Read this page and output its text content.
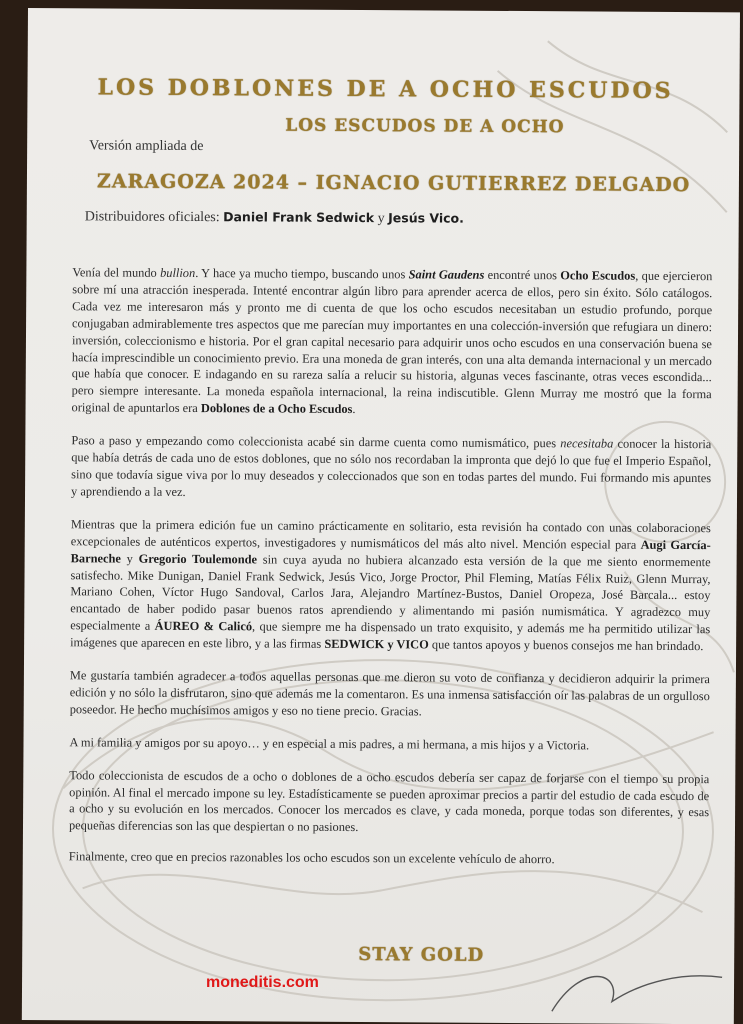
LOS DOBLONES DE A OCHO ESCUDOS
LOS ESCUDOS DE A OCHO
Versión ampliada de
ZARAGOZA 2024 – IGNACIO GUTIERREZ DELGADO
Distribuidores oficiales: Daniel Frank Sedwick y Jesús Vico.

Venía del mundo bullion. Y hace ya mucho tiempo, buscando unos Saint Gaudens encontré unos Ocho Escudos, que ejercieron sobre mí una atracción inesperada. Intenté encontrar algún libro para aprender acerca de ellos, pero sin éxito. Sólo catálogos. Cada vez me interesaron más y pronto me di cuenta de que los ocho escudos necesitaban un estudio profundo, porque conjugaban admirablemente tres aspectos que me parecían muy importantes en una colección-inversión que refugiara un dinero: inversión, coleccionismo e historia. Por el gran capital necesario para adquirir unos ocho escudos en una conservación buena se hacía imprescindible un conocimiento previo. Era una moneda de gran interés, con una alta demanda internacional y un mercado que había que conocer. E indagando en su rareza salía a relucir su historia, algunas veces fascinante, otras veces escondida... pero siempre interesante. La moneda española internacional, la reina indiscutible. Glenn Murray me mostró que la forma original de apuntarlos era Doblones de a Ocho Escudos.

Paso a paso y empezando como coleccionista acabé sin darme cuenta como numismático, pues necesitaba conocer la historia que había detrás de cada uno de estos doblones, que no sólo nos recordaban la impronta que dejó lo que fue el Imperio Español, sino que todavía sigue viva por lo muy deseados y coleccionados que son en todas partes del mundo. Fui formando mis apuntes y aprendiendo a la vez.

Mientras que la primera edición fue un camino prácticamente en solitario, esta revisión ha contado con unas colaboraciones excepcionales de auténticos expertos, investigadores y numismáticos del más alto nivel. Mención especial para Augi García-Barneche y Gregorio Toulemonde sin cuya ayuda no hubiera alcanzado esta versión de la que me siento enormemente satisfecho. Mike Dunigan, Daniel Frank Sedwick, Jesús Vico, Jorge Proctor, Phil Fleming, Matías Félix Ruiz, Glenn Murray, Mariano Cohen, Víctor Hugo Sandoval, Carlos Jara, Alejandro Martínez-Bustos, Daniel Oropeza, José Barcala... estoy encantado de haber podido pasar buenos ratos aprendiendo y alimentando mi pasión numismática. Y agradezco muy especialmente a ÁUREO & Calicó, que siempre me ha dispensado un trato exquisito, y además me ha permitido utilizar las imágenes que aparecen en este libro, y a las firmas SEDWICK y VICO que tantos apoyos y buenos consejos me han brindado.

Me gustaría también agradecer a todos aquellas personas que me dieron su voto de confianza y decidieron adquirir la primera edición y no sólo la disfrutaron, sino que además me la comentaron. Es una inmensa satisfacción oír las palabras de un orgulloso poseedor. He hecho muchísimos amigos y eso no tiene precio. Gracias.

A mi familia y amigos por su apoyo… y en especial a mis padres, a mi hermana, a mis hijos y a Victoria.

Todo coleccionista de escudos de a ocho o doblones de a ocho escudos debería ser capaz de forjarse con el tiempo su propia opinión. Al final el mercado impone su ley. Estadísticamente se pueden aproximar precios a partir del estudio de cada escudo de a ocho y su evolución en los mercados. Conocer los mercados es clave, y cada moneda, porque todas son diferentes, y esas pequeñas diferencias son las que despiertan o no pasiones.

Finalmente, creo que en precios razonables los ocho escudos son un excelente vehículo de ahorro.

STAY GOLD
moneditis.com
